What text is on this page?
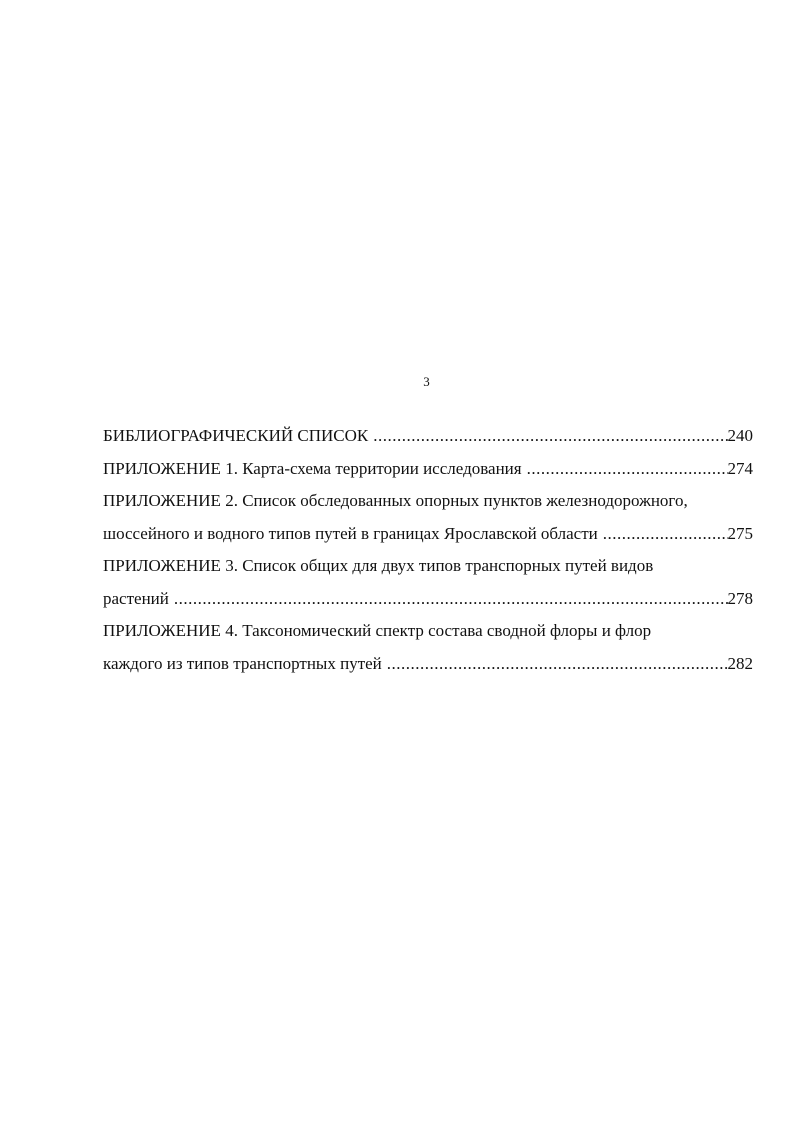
3
БИБЛИОГРАФИЧЕСКИЙ СПИСОК .....	240
ПРИЛОЖЕНИЕ 1. Карта-схема территории исследования .....	274
ПРИЛОЖЕНИЕ 2. Список обследованных опорных пунктов железнодорожного,
шоссейного и водного типов путей в границах Ярославской области .....	275
ПРИЛОЖЕНИЕ 3. Список общих для двух типов транспорных путей видов
растений .....	278
ПРИЛОЖЕНИЕ 4. Таксономический спектр состава сводной флоры и флор
каждого из типов транспортных путей .....	282
